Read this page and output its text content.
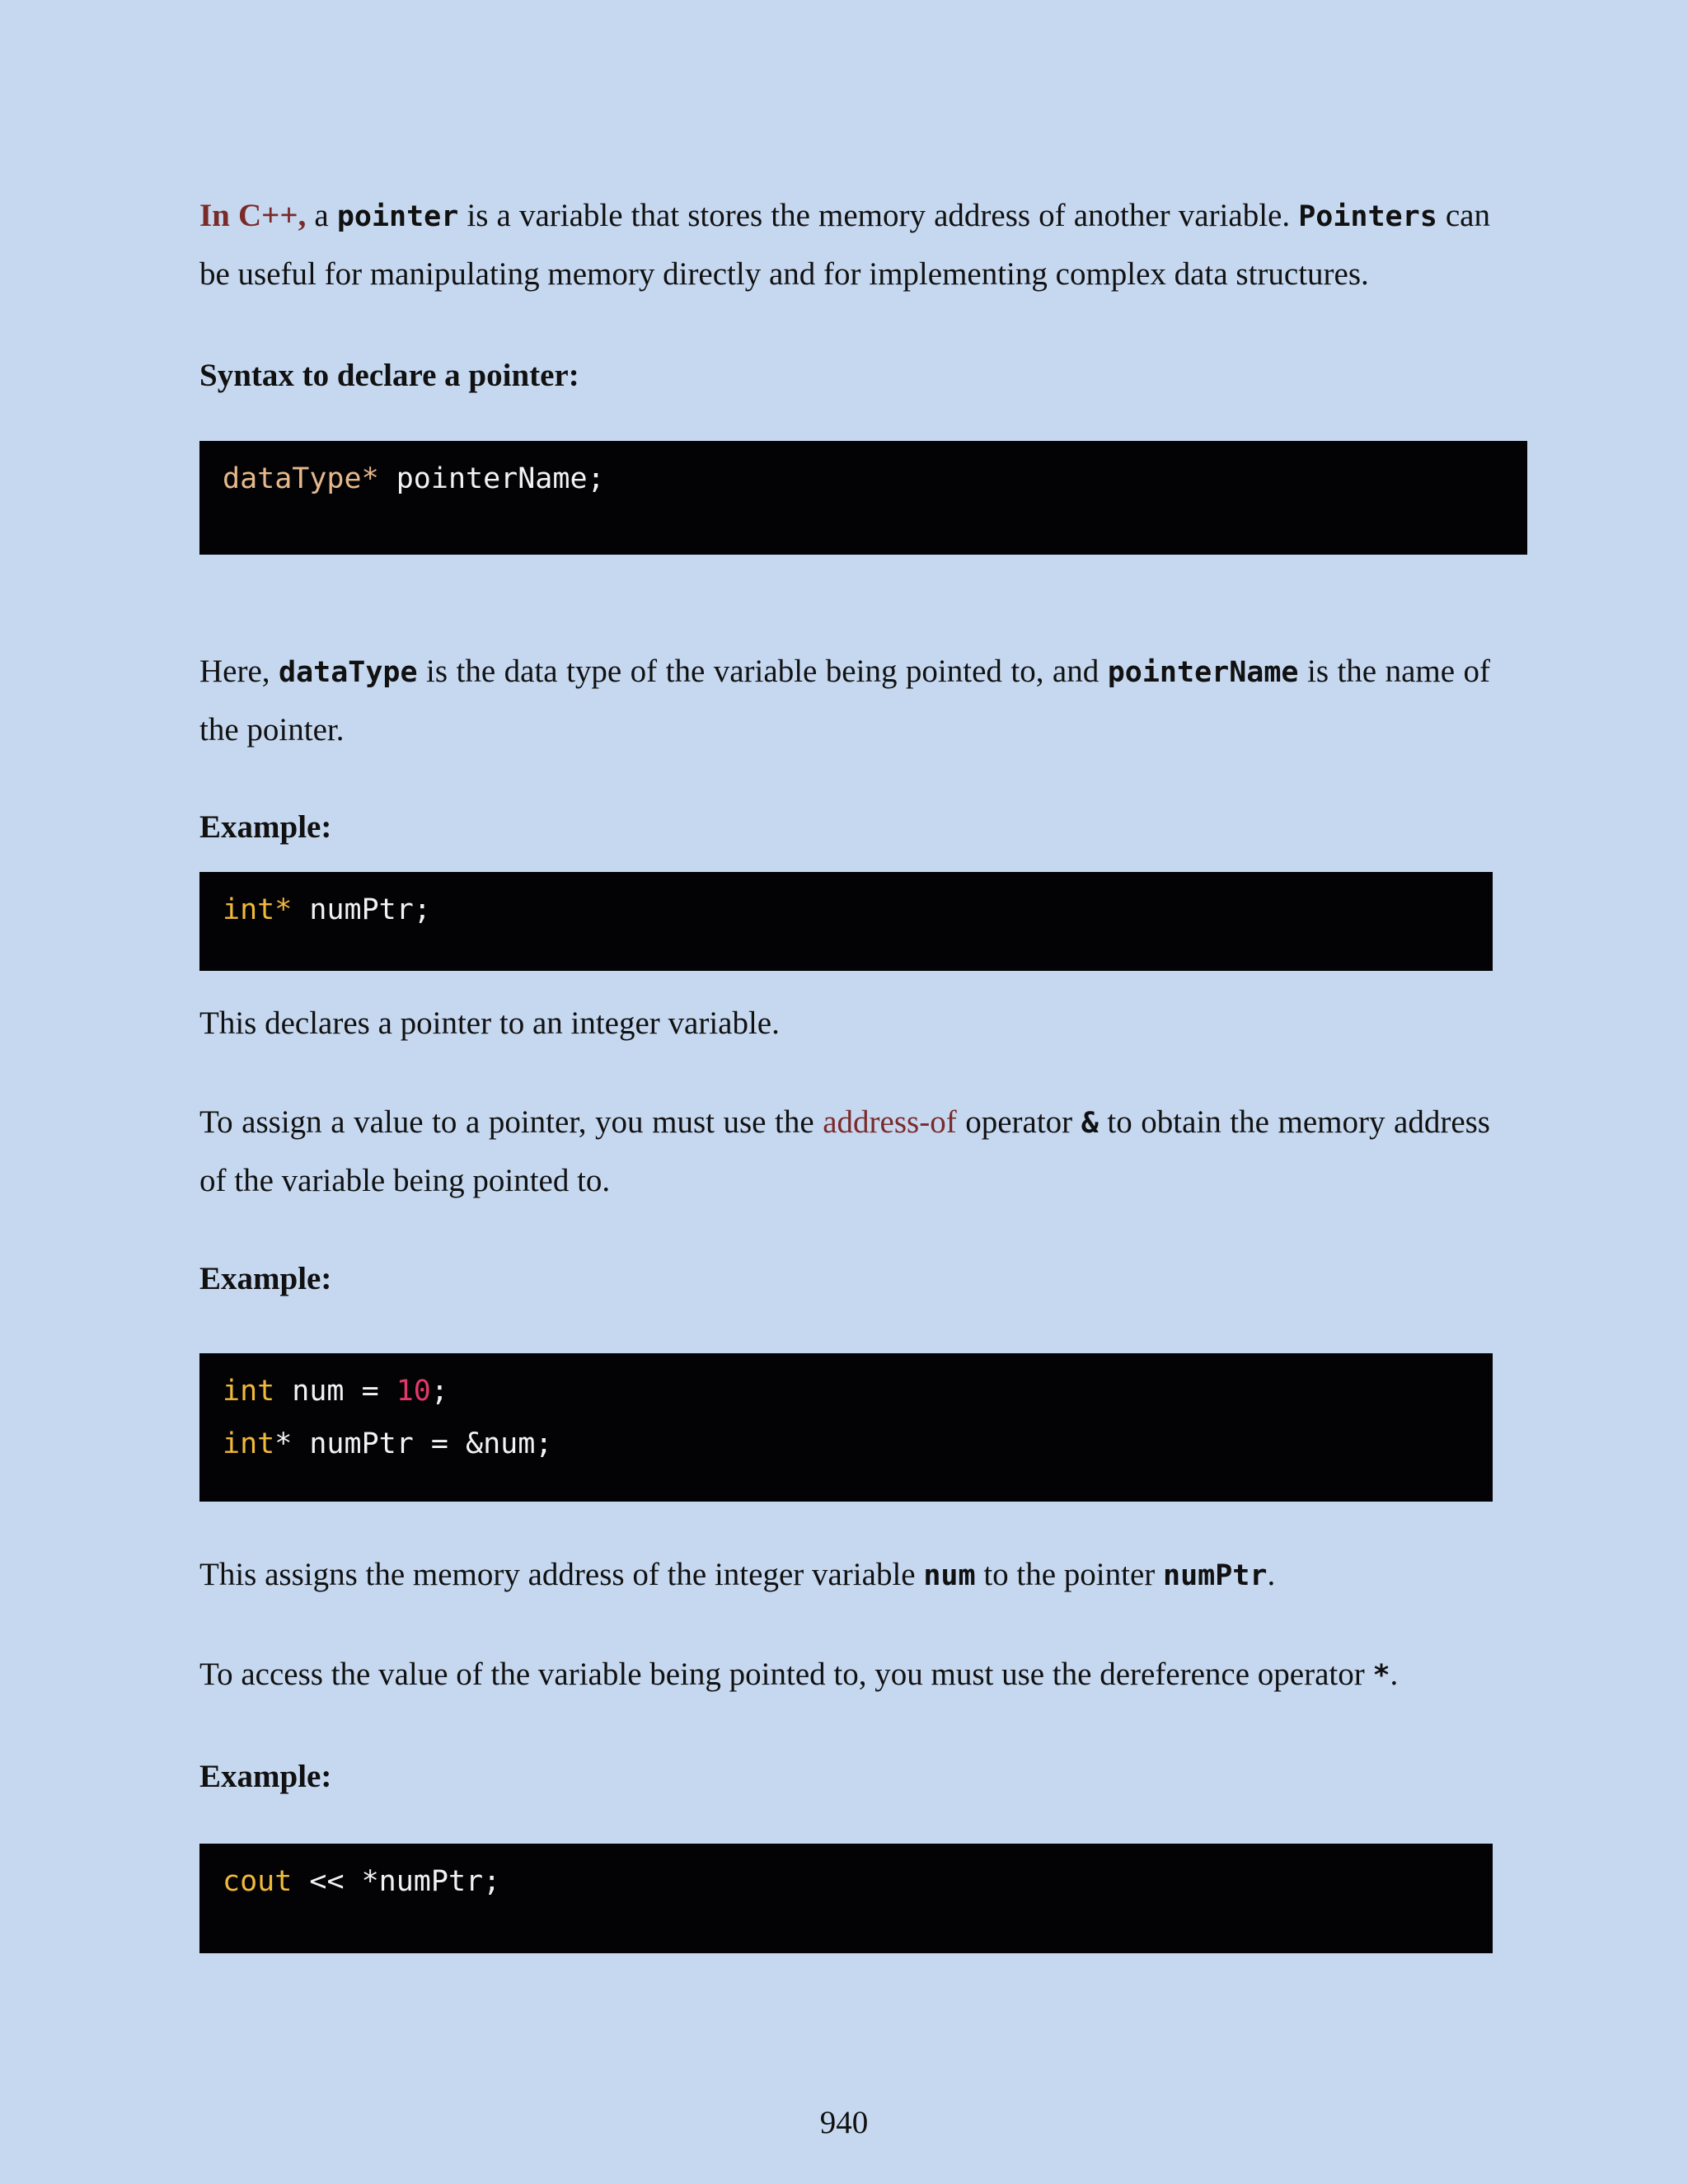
In C++, a pointer is a variable that stores the memory address of another variable. Pointers can be useful for manipulating memory directly and for implementing complex data structures.

Syntax to declare a pointer:
dataType* pointerName;

Here, dataType is the data type of the variable being pointed to, and pointerName is the name of the pointer.

Example:
int* numPtr;

This declares a pointer to an integer variable.

To assign a value to a pointer, you must use the address-of operator & to obtain the memory address of the variable being pointed to.

Example:
int num = 10;
int* numPtr = &num;

This assigns the memory address of the integer variable num to the pointer numPtr.

To access the value of the variable being pointed to, you must use the dereference operator *.

Example:
cout << *numPtr;
940
